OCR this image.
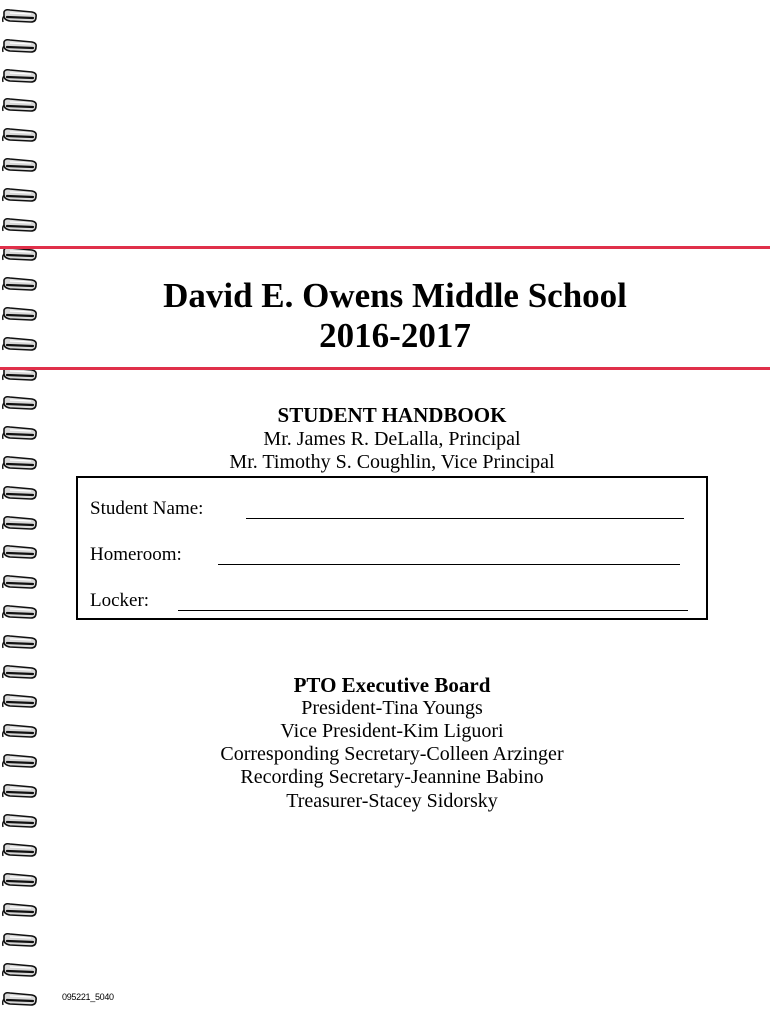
David E. Owens Middle School
2016-2017
STUDENT HANDBOOK
Mr. James R. DeLalla, Principal
Mr. Timothy S. Coughlin, Vice Principal
Student Name:
Homeroom:
Locker:
PTO Executive Board
President-Tina Youngs
Vice President-Kim Liguori
Corresponding Secretary-Colleen Arzinger
Recording Secretary-Jeannine Babino
Treasurer-Stacey Sidorsky
095221_5040
